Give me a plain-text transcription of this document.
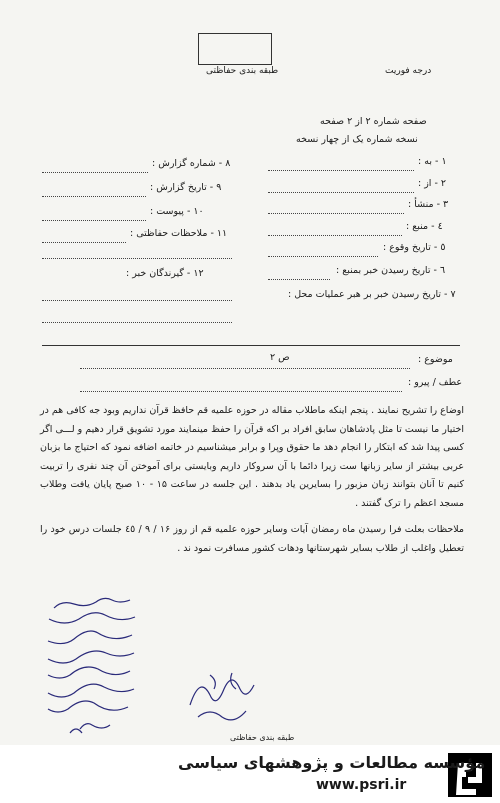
طبقه بندی حفاظتی	درجه فوریت
صفحه شماره ۲ از ۲ صفحه
نسخه شماره یک از چهار نسخه
۱ - به :
۲ - از :
۳ - منشأ :
٤ - منبع :
٥ - تاریخ وقوع :
٦ - تاریخ رسیدن خبر بمنبع :
۷ - تاریخ رسیدن خبر بر هبر عملیات محل :
۸ - شماره گزارش :
۹ - تاریخ گزارش :
۱۰ - پیوست :
۱۱ - ملاحظات حفاظتی :
۱۲ - گیرندگان خبر :
موضوع :
ص ۲
عطف / پیرو :
اوضاع را تشریح نمایند . پنجم اینکه ماطلاب مقاله در حوزه علمیه قم حافظ قرآن نداریم وبود جه کافی هم در اختیار ما نیست تا مثل پادشاهان سابق افراد بر اکه قرآن را حفظ مینمایند مورد تشویق قرار دهیم و لـــی اگر کسی پیدا شد که ابتکار را انجام دهد ما حقوق وپرا و برابر میشناسیم در خاتمه اضافه نمود که احتیاج ما بزبان عربی بیشتر از سایر زبانها ست زیرا دائما با آن سروکار داریم وبایستی برای آموختن آن چند نفری را تربیت کنیم تا آنان بتوانند زبان مزبور را بسایرین یاد بدهند . این جلسه در ساعت ۱۵ - ۱۰ صبح پایان یافت وطلاب مسجد اعظم را ترک گفتند .
ملاحظات بعلت فرا رسیدن ماه رمضان آیات وسایر حوزه علمیه قم از روز ۱۶ / ۹ / ٤٥ جلسات درس خود را تعطیل واغلب از طلاب بسایر شهرستانها ودهات کشور مسافرت نمود ند .
طبقه بندی حفاظتی
مؤسسه مطالعات و پژوهشهای سیاسی
www.psri.ir
